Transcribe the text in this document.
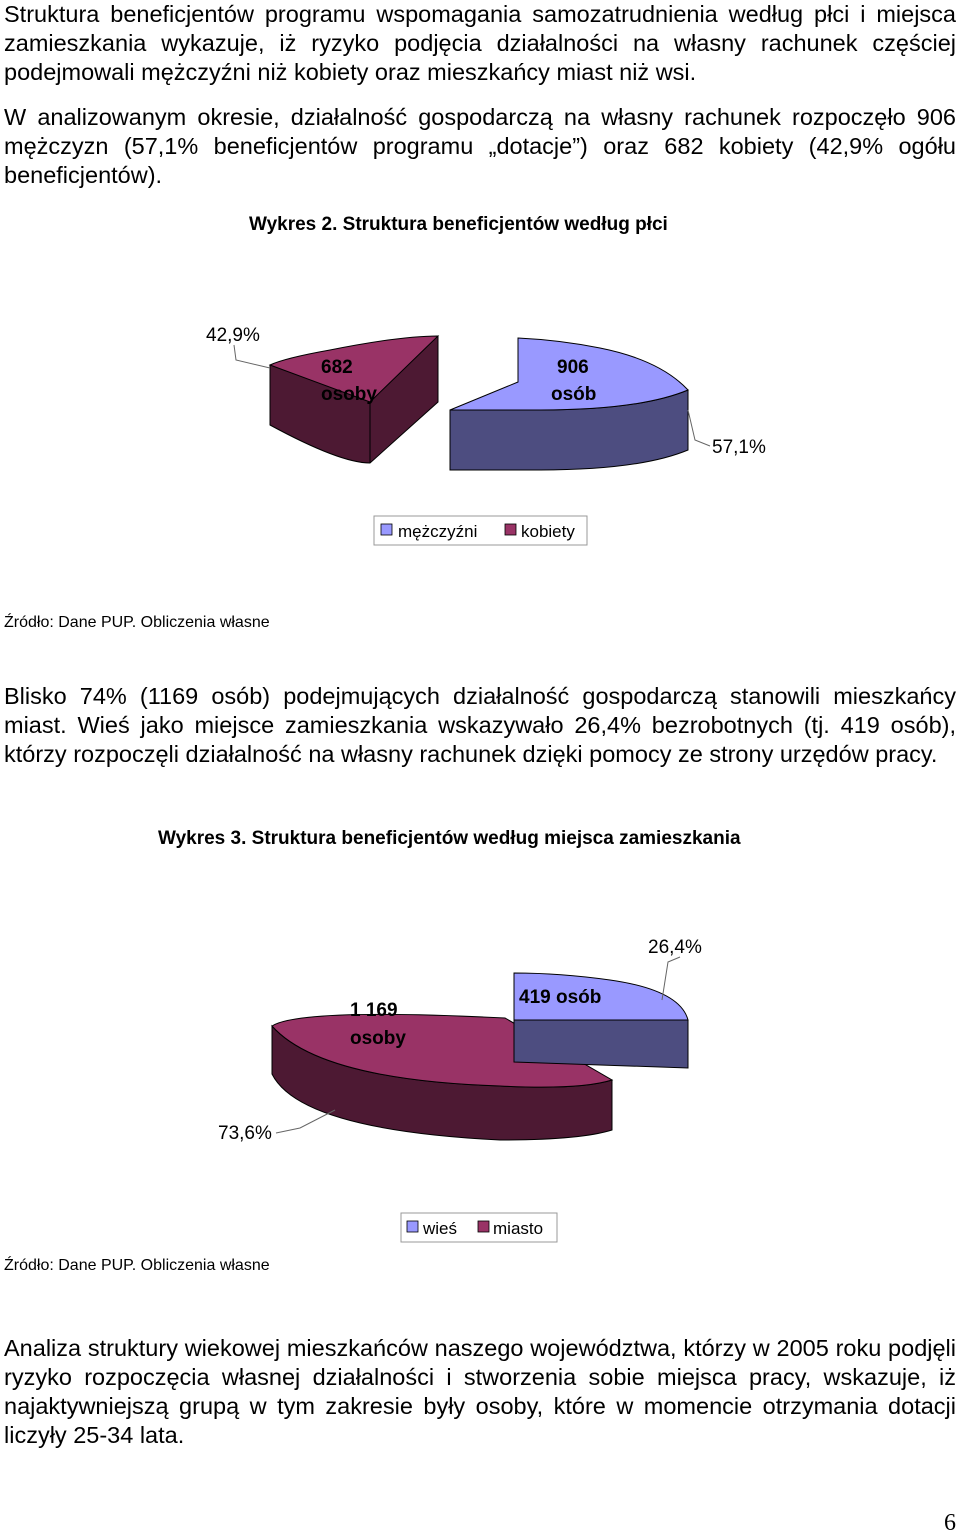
Struktura beneficjentów programu wspomagania samozatrudnienia według płci i miejsca zamieszkania wykazuje, iż ryzyko podjęcia działalności na własny rachunek częściej podejmowali mężczyźni niż kobiety oraz mieszkańcy miast niż wsi.

W analizowanym okresie, działalność gospodarczą na własny rachunek rozpoczęło 906 mężczyzn (57,1% beneficjentów programu „dotacje”) oraz 682 kobiety (42,9% ogółu beneficjentów).

Wykres 2. Struktura beneficjentów według płci
42,9%
57,1%
682
osoby
906
osób
mężczyźni	kobiety
Źródło: Dane PUP. Obliczenia własne

Blisko 74% (1169 osób) podejmujących działalność gospodarczą stanowili mieszkańcy miast. Wieś jako miejsce zamieszkania wskazywało 26,4% bezrobotnych (tj. 419 osób), którzy rozpoczęli działalność na własny rachunek dzięki pomocy ze strony urzędów pracy.

Wykres 3. Struktura beneficjentów według miejsca zamieszkania
26,4%
73,6%
419 osób
1 169
osoby
wieś miasto
Źródło: Dane PUP. Obliczenia własne

Analiza struktury wiekowej mieszkańców naszego województwa, którzy w 2005 roku podjęli ryzyko rozpoczęcia własnej działalności i stworzenia sobie miejsca pracy, wskazuje, iż najaktywniejszą grupą w tym zakresie były osoby, które w momencie otrzymania dotacji liczyły 25-34 lata.

6
